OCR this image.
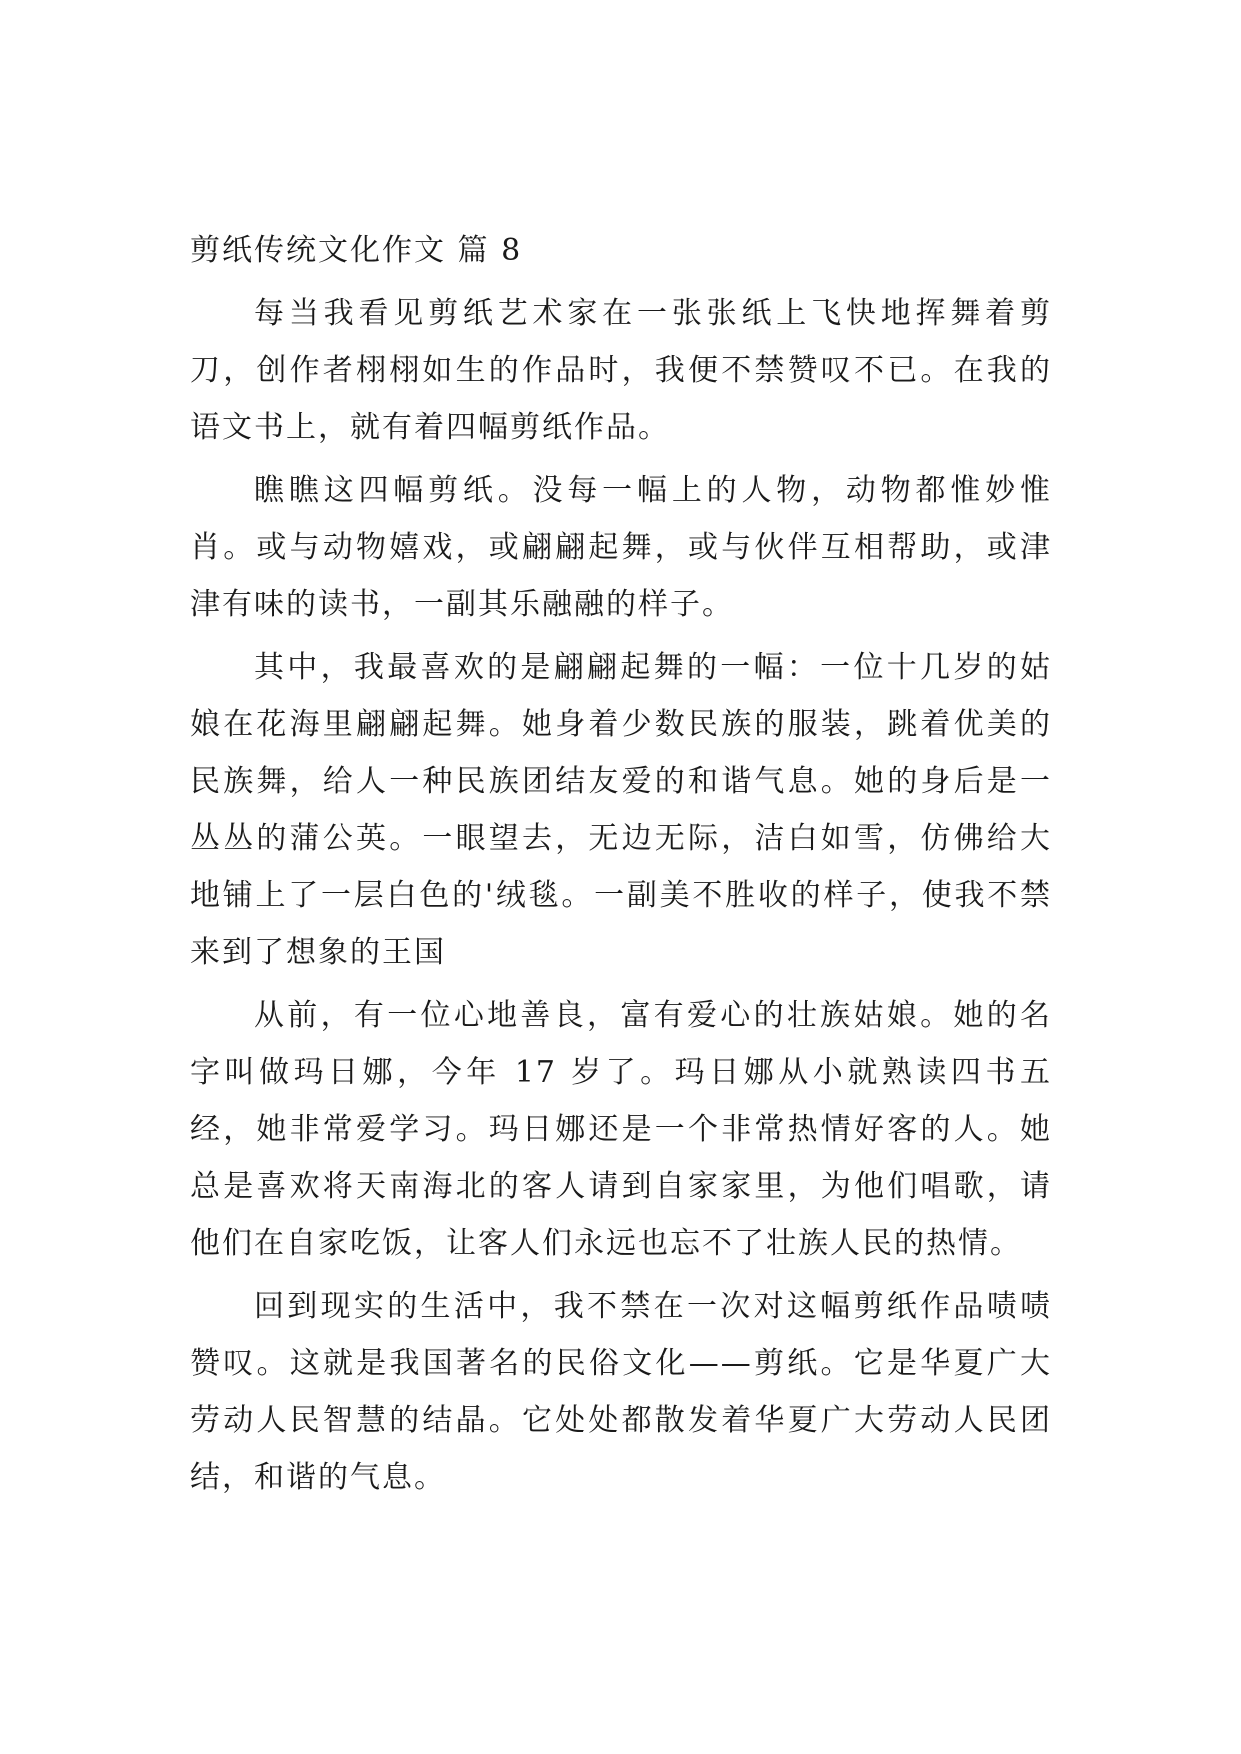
剪纸传统文化作文 篇 8

每当我看见剪纸艺术家在一张张纸上飞快地挥舞着剪刀，创作者栩栩如生的作品时，我便不禁赞叹不已。在我的语文书上，就有着四幅剪纸作品。

瞧瞧这四幅剪纸。没每一幅上的人物，动物都惟妙惟肖。或与动物嬉戏，或翩翩起舞，或与伙伴互相帮助，或津津有味的读书，一副其乐融融的样子。

其中，我最喜欢的是翩翩起舞的一幅：一位十几岁的姑娘在花海里翩翩起舞。她身着少数民族的服装，跳着优美的民族舞，给人一种民族团结友爱的和谐气息。她的身后是一丛丛的蒲公英。一眼望去，无边无际，洁白如雪，仿佛给大地铺上了一层白色的'绒毯。一副美不胜收的样子，使我不禁来到了想象的王国

从前，有一位心地善良，富有爱心的壮族姑娘。她的名字叫做玛日娜，今年 17 岁了。玛日娜从小就熟读四书五经，她非常爱学习。玛日娜还是一个非常热情好客的人。她总是喜欢将天南海北的客人请到自家家里，为他们唱歌，请他们在自家吃饭，让客人们永远也忘不了壮族人民的热情。

回到现实的生活中，我不禁在一次对这幅剪纸作品啧啧赞叹。这就是我国著名的民俗文化——剪纸。它是华夏广大劳动人民智慧的结晶。它处处都散发着华夏广大劳动人民团结，和谐的气息。
